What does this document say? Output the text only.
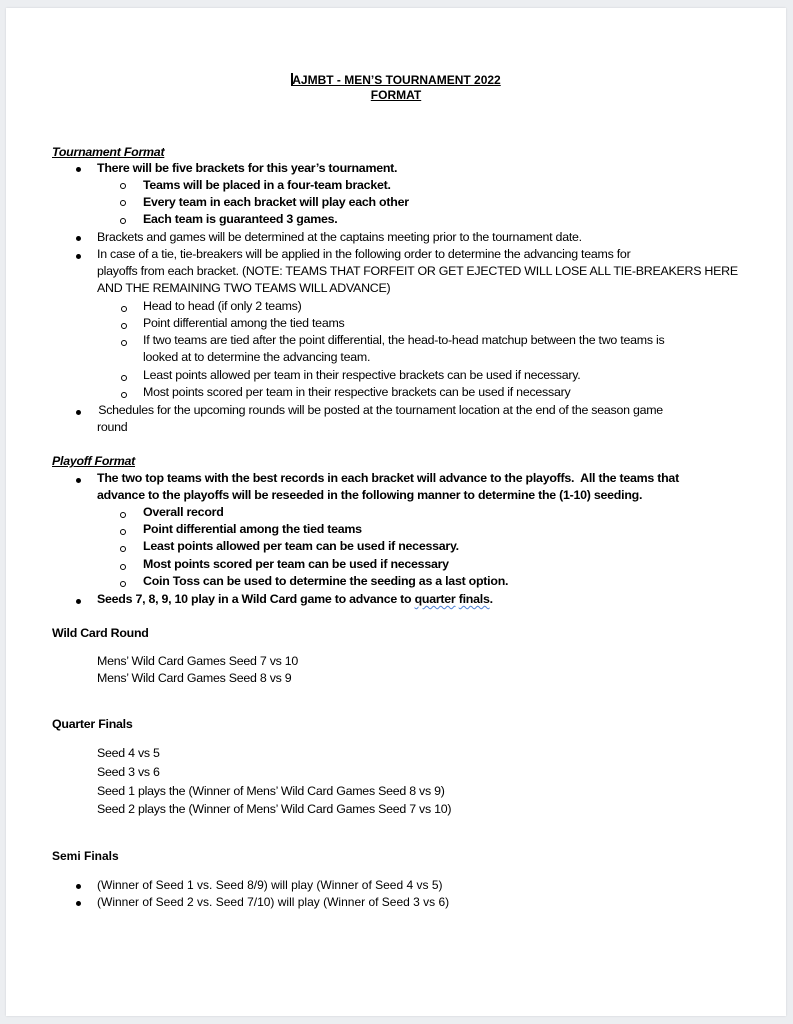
AJMBT - MEN’S TOURNAMENT 2022
FORMAT
Tournament Format
There will be five brackets for this year’s tournament.
Teams will be placed in a four-team bracket.
Every team in each bracket will play each other
Each team is guaranteed 3 games.
Brackets and games will be determined at the captains meeting prior to the tournament date.
In case of a tie, tie-breakers will be applied in the following order to determine the advancing teams for
playoffs from each bracket. (NOTE: TEAMS THAT FORFEIT OR GET EJECTED WILL LOSE ALL TIE-BREAKERS HERE
AND THE REMAINING TWO TEAMS WILL ADVANCE)
Head to head (if only 2 teams)
Point differential among the tied teams
If two teams are tied after the point differential, the head-to-head matchup between the two teams is
looked at to determine the advancing team.
Least points allowed per team in their respective brackets can be used if necessary.
Most points scored per team in their respective brackets can be used if necessary
Schedules for the upcoming rounds will be posted at the tournament location at the end of the season game
round
Playoff Format
The two top teams with the best records in each bracket will advance to the playoffs.  All the teams that
advance to the playoffs will be reseeded in the following manner to determine the (1-10) seeding.
Overall record
Point differential among the tied teams
Least points allowed per team can be used if necessary.
Most points scored per team can be used if necessary
Coin Toss can be used to determine the seeding as a last option.
Seeds 7, 8, 9, 10 play in a Wild Card game to advance to quarter finals.
Wild Card Round
Mens’ Wild Card Games Seed 7 vs 10
Mens’ Wild Card Games Seed 8 vs 9
Quarter Finals
Seed 4 vs 5
Seed 3 vs 6
Seed 1 plays the (Winner of Mens’ Wild Card Games Seed 8 vs 9)
Seed 2 plays the (Winner of Mens’ Wild Card Games Seed 7 vs 10)
Semi Finals
(Winner of Seed 1 vs. Seed 8/9) will play (Winner of Seed 4 vs 5)
(Winner of Seed 2 vs. Seed 7/10) will play (Winner of Seed 3 vs 6)
